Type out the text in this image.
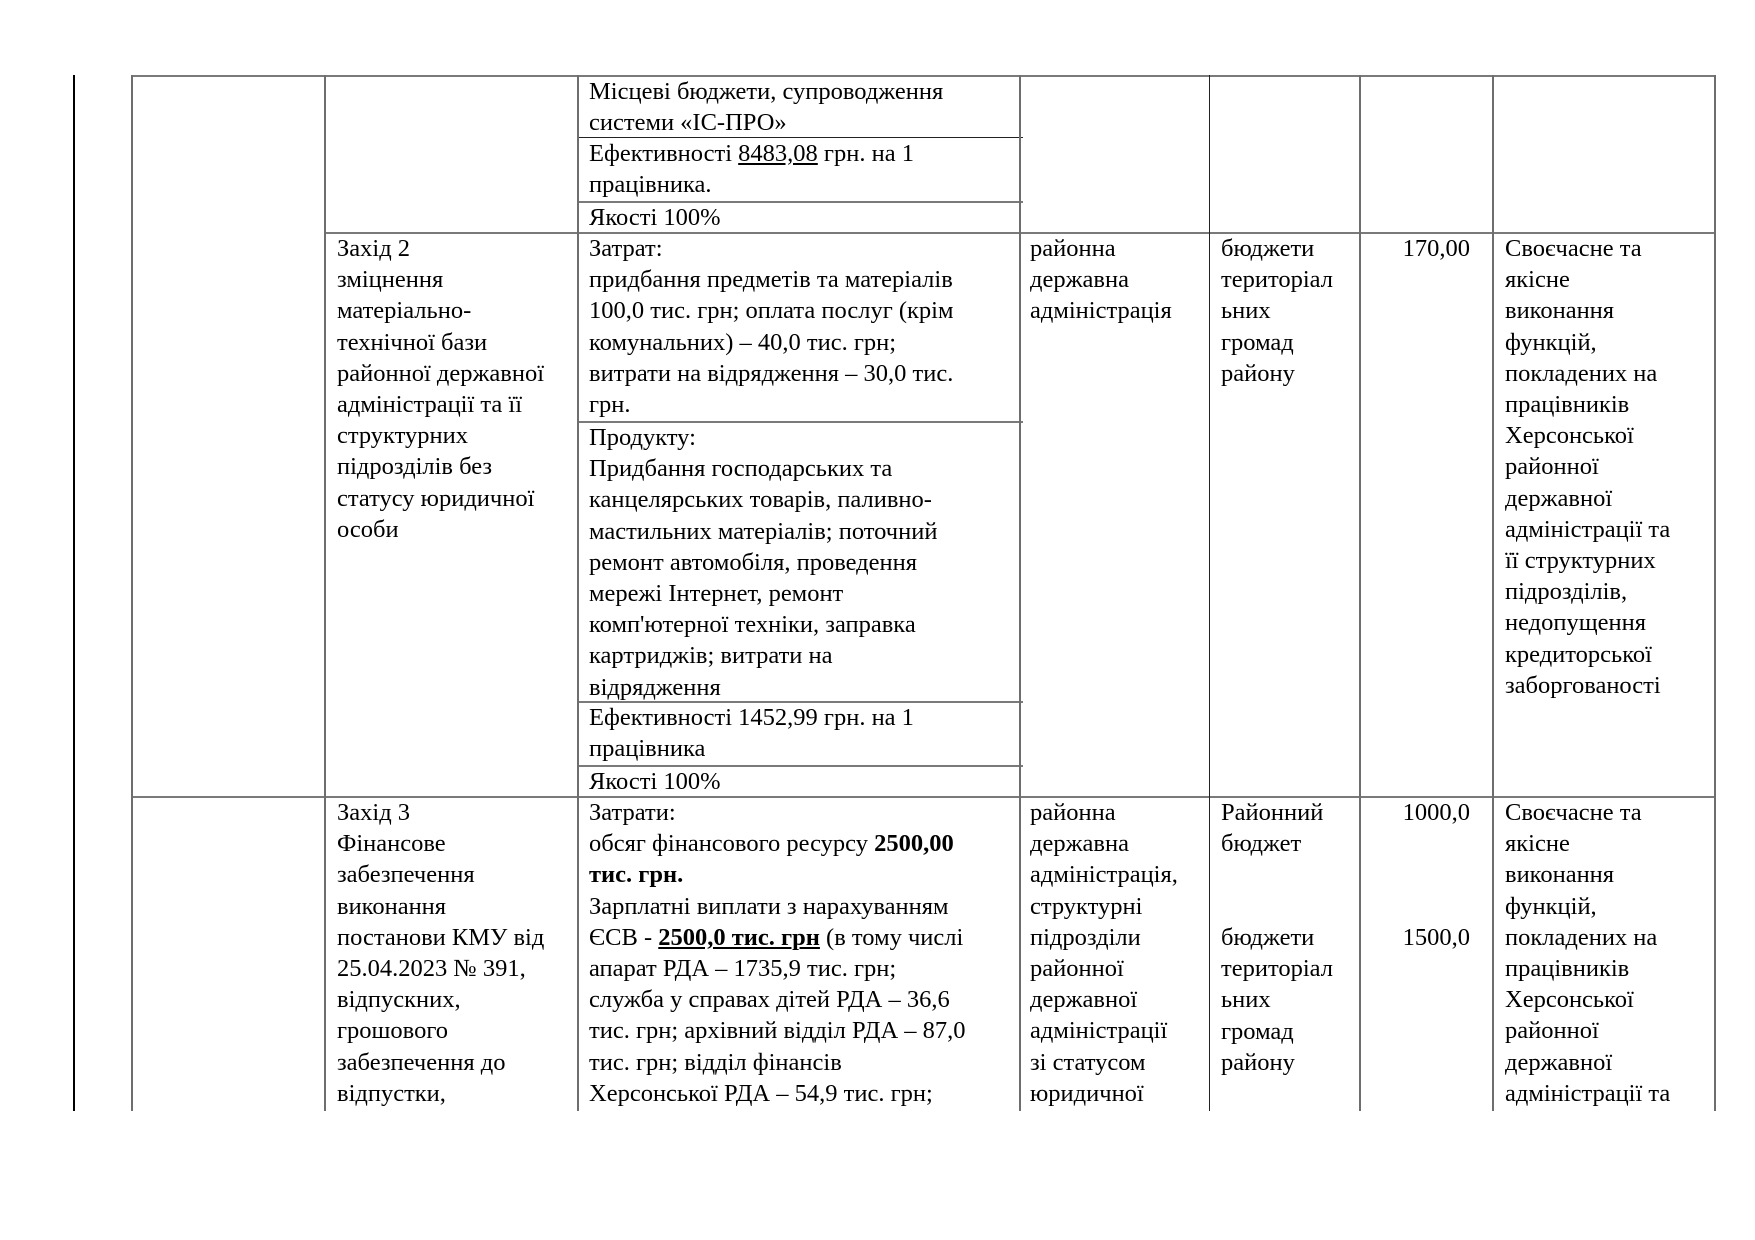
Місцеві бюджети, супроводження
системи «ІС-ПРО»
Ефективності 8483,08 грн. на 1
працівника.
Якості 100%
Захід 2
зміцнення
матеріально-
технічної бази
районної державної
адміністрації та її
структурних
підрозділів без
статусу юридичної
особи
Затрат:
придбання предметів та матеріалів
100,0 тис. грн; оплата послуг (крім
комунальних) – 40,0 тис. грн;
витрати на відрядження – 30,0 тис.
грн.
Продукту:
Придбання господарських та
канцелярських товарів, паливно-
мастильних матеріалів; поточний
ремонт автомобіля, проведення
мережі Інтернет, ремонт
комп'ютерної техніки, заправка
картриджів; витрати на
відрядження
Ефективності 1452,99 грн. на 1
працівника
Якості 100%
районна
державна
адміністрація
бюджети
територіал
ьних
громад
району
170,00 Своєчасне та
якісне
виконання
функцій,
покладених на
працівників
Херсонської
районної
державної
адміністрації та
її структурних
підрозділів,
недопущення
кредиторської
заборгованості
Захід 3
Фінансове
забезпечення
виконання
постанови КМУ від
25.04.2023 № 391,
відпускних,
грошового
забезпечення до
відпустки,
Затрати:
обсяг фінансового ресурсу 2500,00
тис. грн.
Зарплатні виплати з нарахуванням
ЄСВ - 2500,0 тис. грн (в тому числі
апарат РДА – 1735,9 тис. грн;
служба у справах дітей РДА – 36,6
тис. грн; архівний відділ РДА – 87,0
тис. грн; відділ фінансів
Херсонської РДА – 54,9 тис. грн;
районна
державна
адміністрація,
структурні
підрозділи
районної
державної
адміністрації
зі статусом
юридичної
Районний
бюджет
бюджети
територіал
ьних
громад
району
1000,0
1500,0
Своєчасне та
якісне
виконання
функцій,
покладених на
працівників
Херсонської
районної
державної
адміністрації та
